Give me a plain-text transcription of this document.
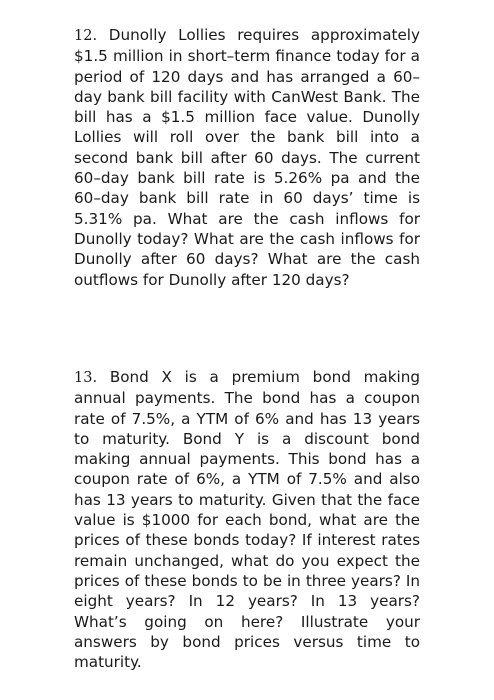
12. Dunolly Lollies requires approximately $1.5 million in short–term finance today for a period of 120 days and has arranged a 60–day bank bill facility with CanWest Bank. The bill has a $1.5 million face value. Dunolly Lollies will roll over the bank bill into a second bank bill after 60 days. The current 60–day bank bill rate is 5.26% pa and the 60–day bank bill rate in 60 days’ time is 5.31% pa. What are the cash inflows for Dunolly today? What are the cash inflows for Dunolly after 60 days? What are the cash outflows for Dunolly after 120 days?

13. Bond X is a premium bond making annual payments. The bond has a coupon rate of 7.5%, a YTM of 6% and has 13 years to maturity. Bond Y is a discount bond making annual payments. This bond has a coupon rate of 6%, a YTM of 7.5% and also has 13 years to maturity. Given that the face value is $1000 for each bond, what are the prices of these bonds today? If interest rates remain unchanged, what do you expect the prices of these bonds to be in three years? In eight years? In 12 years? In 13 years? What’s going on here? Illustrate your answers by bond prices versus time to maturity.
